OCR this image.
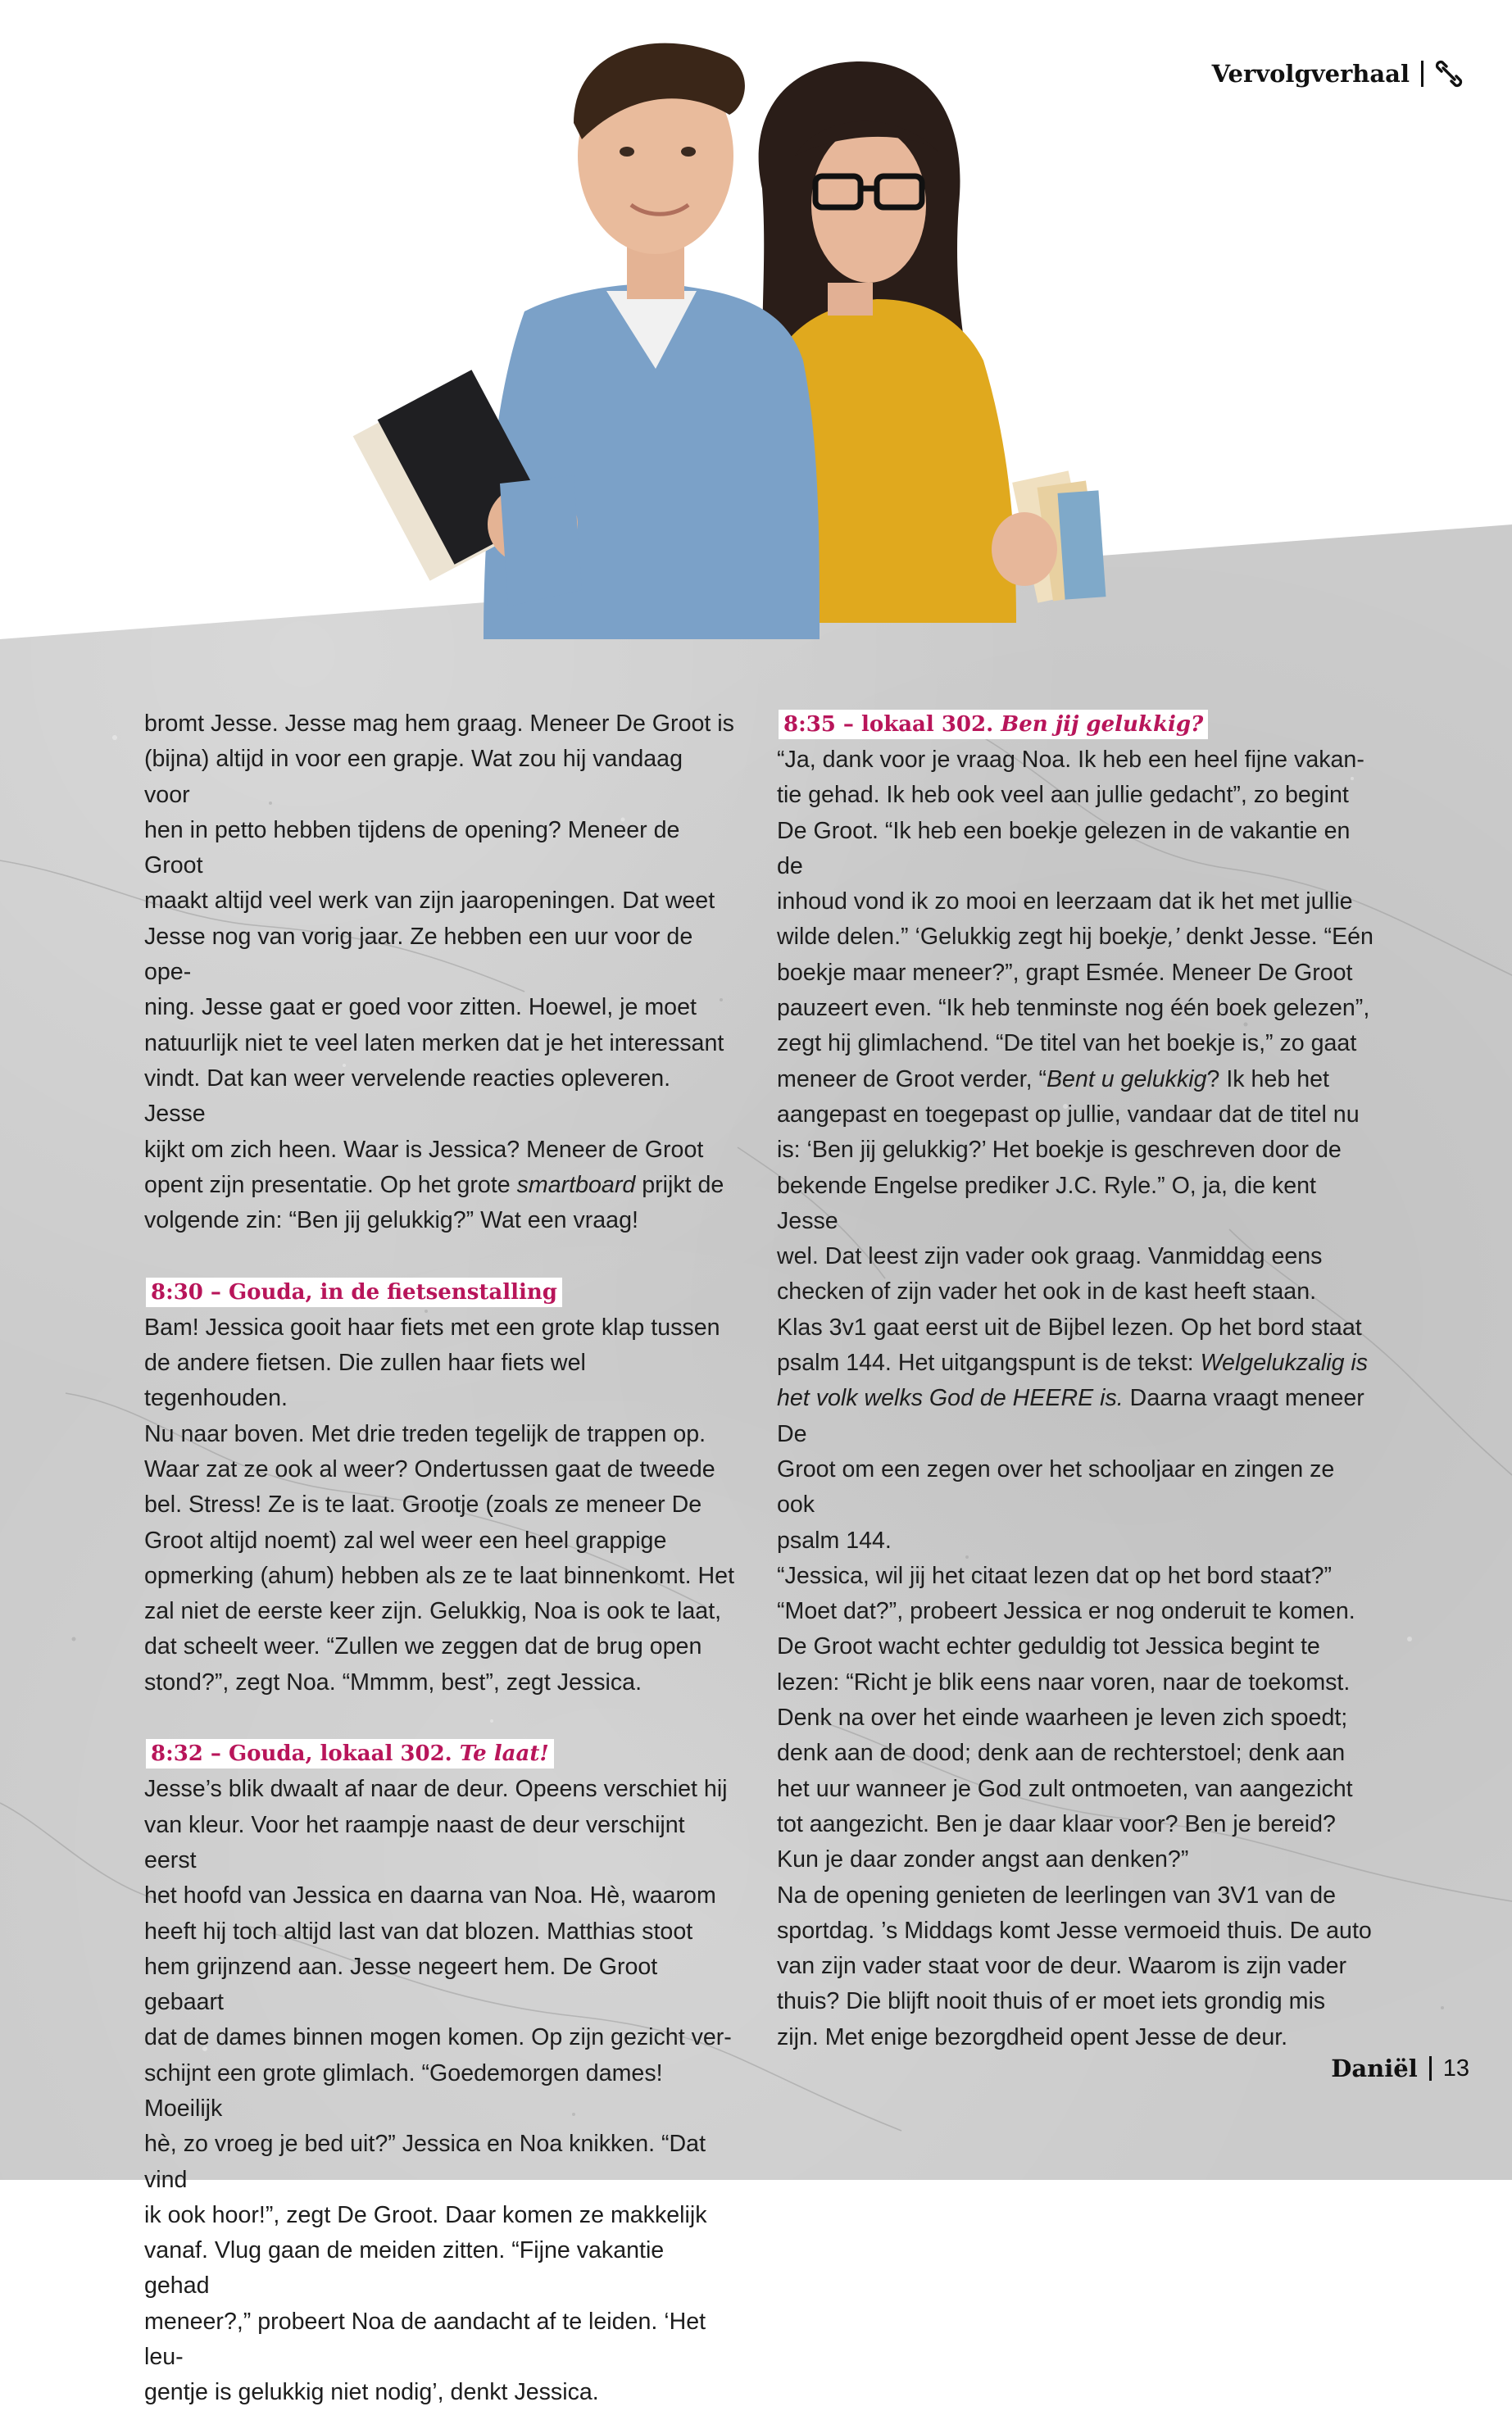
Vervolgverhaal

bromt Jesse. Jesse mag hem graag. Meneer De Groot is
(bijna) altijd in voor een grapje. Wat zou hij vandaag voor
hen in petto hebben tijdens de opening? Meneer de Groot
maakt altijd veel werk van zijn jaaropeningen. Dat weet
Jesse nog van vorig jaar. Ze hebben een uur voor de ope-
ning. Jesse gaat er goed voor zitten. Hoewel, je moet
natuurlijk niet te veel laten merken dat je het interessant
vindt. Dat kan weer vervelende reacties opleveren. Jesse
kijkt om zich heen. Waar is Jessica? Meneer de Groot
opent zijn presentatie. Op het grote smartboard prijkt de
volgende zin: “Ben jij gelukkig?” Wat een vraag!

8:30 – Gouda, in de fietsenstalling

Bam! Jessica gooit haar fiets met een grote klap tussen
de andere fietsen. Die zullen haar fiets wel tegenhouden.
Nu naar boven. Met drie treden tegelijk de trappen op.
Waar zat ze ook al weer? Ondertussen gaat de tweede
bel. Stress! Ze is te laat. Grootje (zoals ze meneer De
Groot altijd noemt) zal wel weer een heel grappige
opmerking (ahum) hebben als ze te laat binnenkomt. Het
zal niet de eerste keer zijn. Gelukkig, Noa is ook te laat,
dat scheelt weer. “Zullen we zeggen dat de brug open
stond?”, zegt Noa. “Mmmm, best”, zegt Jessica.

8:32 – Gouda, lokaal 302. Te laat!

Jesse’s blik dwaalt af naar de deur. Opeens verschiet hij
van kleur. Voor het raampje naast de deur verschijnt eerst
het hoofd van Jessica en daarna van Noa. Hè, waarom
heeft hij toch altijd last van dat blozen. Matthias stoot
hem grijnzend aan. Jesse negeert hem. De Groot gebaart
dat de dames binnen mogen komen. Op zijn gezicht ver-
schijnt een grote glimlach. “Goedemorgen dames! Moeilijk
hè, zo vroeg je bed uit?” Jessica en Noa knikken. “Dat vind
ik ook hoor!”, zegt De Groot. Daar komen ze makkelijk
vanaf. Vlug gaan de meiden zitten. “Fijne vakantie gehad
meneer?,” probeert Noa de aandacht af te leiden. ‘Het leu-
gentje is gelukkig niet nodig’, denkt Jessica.

8:35 – lokaal 302. Ben jij gelukkig?

“Ja, dank voor je vraag Noa. Ik heb een heel fijne vakan-
tie gehad. Ik heb ook veel aan jullie gedacht”, zo begint
De Groot. “Ik heb een boekje gelezen in de vakantie en de
inhoud vond ik zo mooi en leerzaam dat ik het met jullie
wilde delen.” ‘Gelukkig zegt hij boekje,’ denkt Jesse. “Eén
boekje maar meneer?”, grapt Esmée. Meneer De Groot
pauzeert even. “Ik heb tenminste nog één boek gelezen”,
zegt hij glimlachend. “De titel van het boekje is,” zo gaat
meneer de Groot verder, “Bent u gelukkig? Ik heb het
aangepast en toegepast op jullie, vandaar dat de titel nu
is: ‘Ben jij gelukkig?’ Het boekje is geschreven door de
bekende Engelse prediker J.C. Ryle.” O, ja, die kent Jesse
wel. Dat leest zijn vader ook graag. Vanmiddag eens
checken of zijn vader het ook in de kast heeft staan.
Klas 3v1 gaat eerst uit de Bijbel lezen. Op het bord staat
psalm 144. Het uitgangspunt is de tekst: Welgelukzalig is
het volk welks God de HEERE is. Daarna vraagt meneer De
Groot om een zegen over het schooljaar en zingen ze ook
psalm 144.
“Jessica, wil jij het citaat lezen dat op het bord staat?”
“Moet dat?”, probeert Jessica er nog onderuit te komen.
De Groot wacht echter geduldig tot Jessica begint te
lezen: “Richt je blik eens naar voren, naar de toekomst.
Denk na over het einde waarheen je leven zich spoedt;
denk aan de dood; denk aan de rechterstoel; denk aan
het uur wanneer je God zult ontmoeten, van aangezicht
tot aangezicht. Ben je daar klaar voor? Ben je bereid?
Kun je daar zonder angst aan denken?”
Na de opening genieten de leerlingen van 3V1 van de
sportdag. ’s Middags komt Jesse vermoeid thuis. De auto
van zijn vader staat voor de deur. Waarom is zijn vader
thuis? Die blijft nooit thuis of er moet iets grondig mis
zijn. Met enige bezorgdheid opent Jesse de deur.

Daniël 13
